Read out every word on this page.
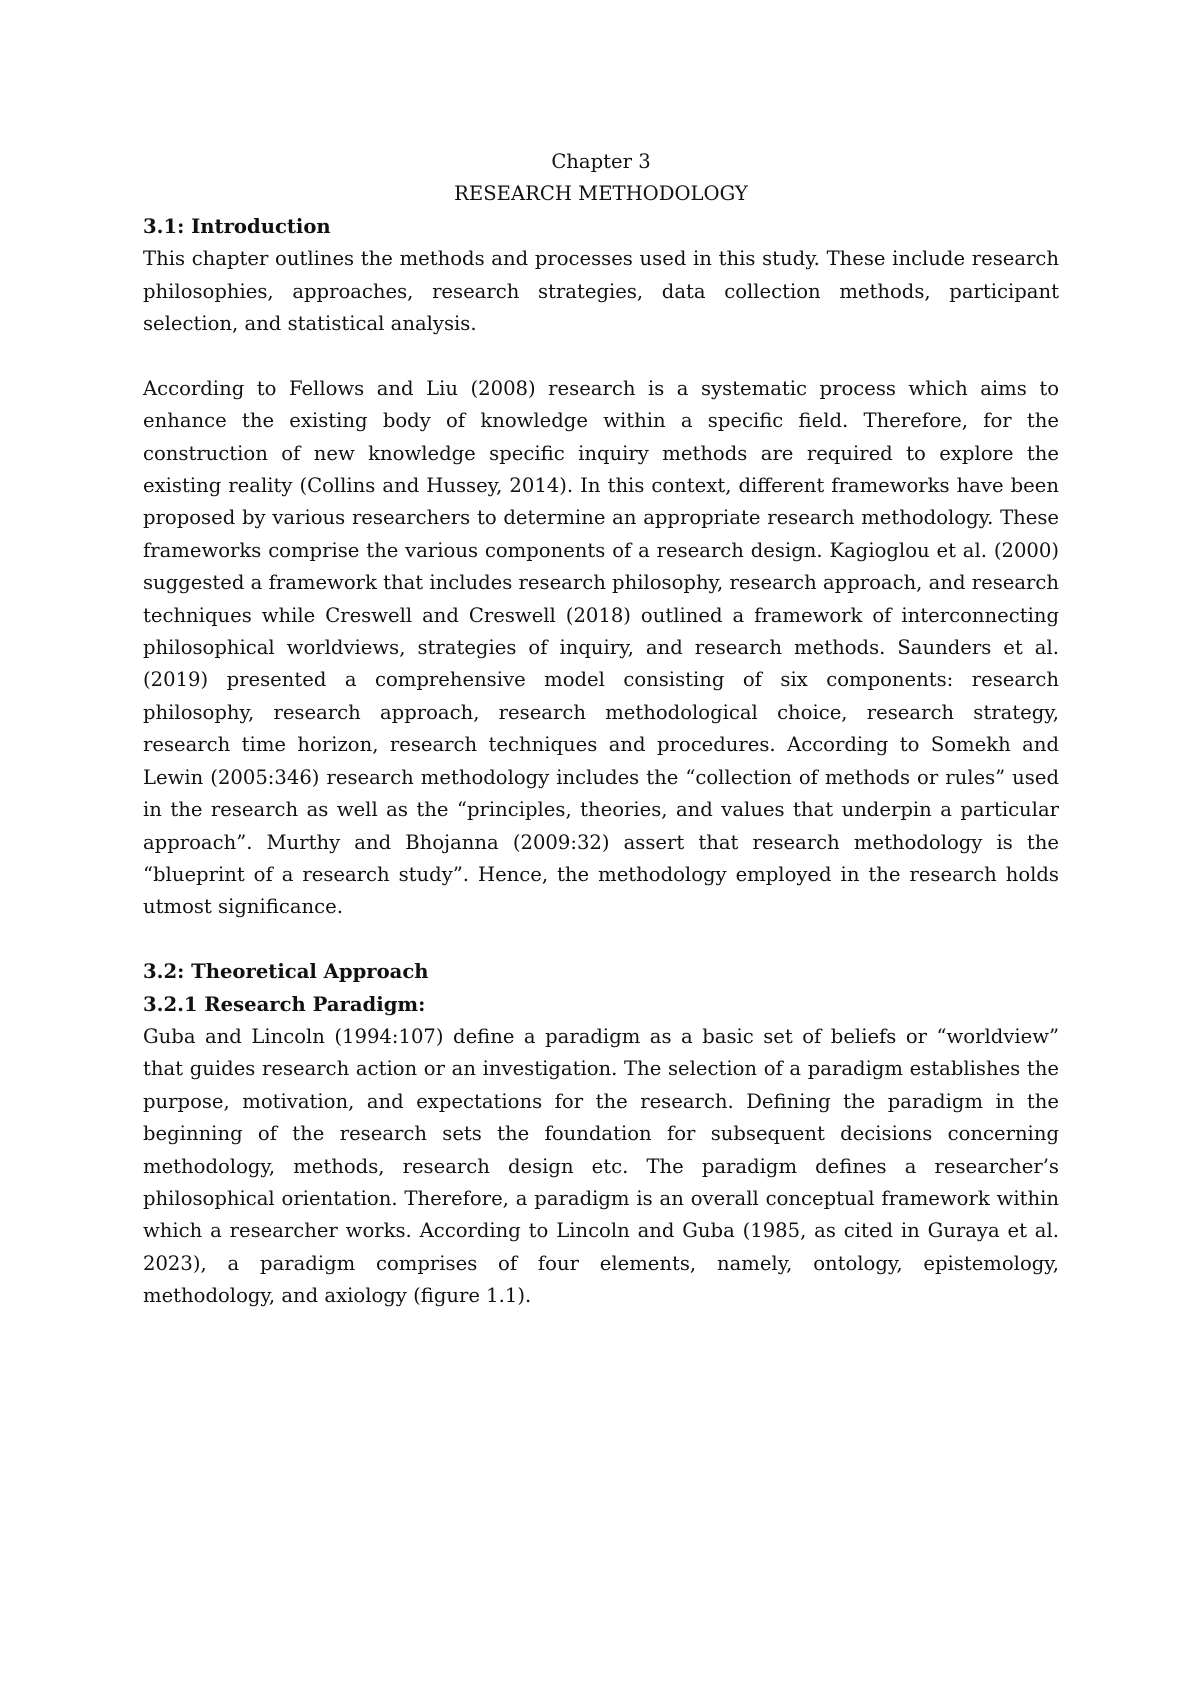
Chapter 3
RESEARCH METHODOLOGY
3.1: Introduction

This chapter outlines the methods and processes used in this study. These include research philosophies, approaches, research strategies, data collection methods, participant selection, and statistical analysis.

According to Fellows and Liu (2008) research is a systematic process which aims to enhance the existing body of knowledge within a specific field. Therefore, for the construction of new knowledge specific inquiry methods are required to explore the existing reality (Collins and Hussey, 2014). In this context, different frameworks have been proposed by various researchers to determine an appropriate research methodology. These frameworks comprise the various components of a research design. Kagioglou et al. (2000) suggested a framework that includes research philosophy, research approach, and research techniques while Creswell and Creswell (2018) outlined a framework of interconnecting philosophical worldviews, strategies of inquiry, and research methods. Saunders et al. (2019) presented a comprehensive model consisting of six components: research philosophy, research approach, research methodological choice, research strategy, research time horizon, research techniques and procedures. According to Somekh and Lewin (2005:346) research methodology includes the “collection of methods or rules” used in the research as well as the “principles, theories, and values that underpin a particular approach”. Murthy and Bhojanna (2009:32) assert that research methodology is the “blueprint of a research study”. Hence, the methodology employed in the research holds utmost significance.

3.2: Theoretical Approach
3.2.1 Research Paradigm:

Guba and Lincoln (1994:107) define a paradigm as a basic set of beliefs or “worldview” that guides research action or an investigation. The selection of a paradigm establishes the purpose, motivation, and expectations for the research. Defining the paradigm in the beginning of the research sets the foundation for subsequent decisions concerning methodology, methods, research design etc. The paradigm defines a researcher’s philosophical orientation. Therefore, a paradigm is an overall conceptual framework within which a researcher works. According to Lincoln and Guba (1985, as cited in Guraya et al. 2023), a paradigm comprises of four elements, namely, ontology, epistemology, methodology, and axiology (figure 1.1).
